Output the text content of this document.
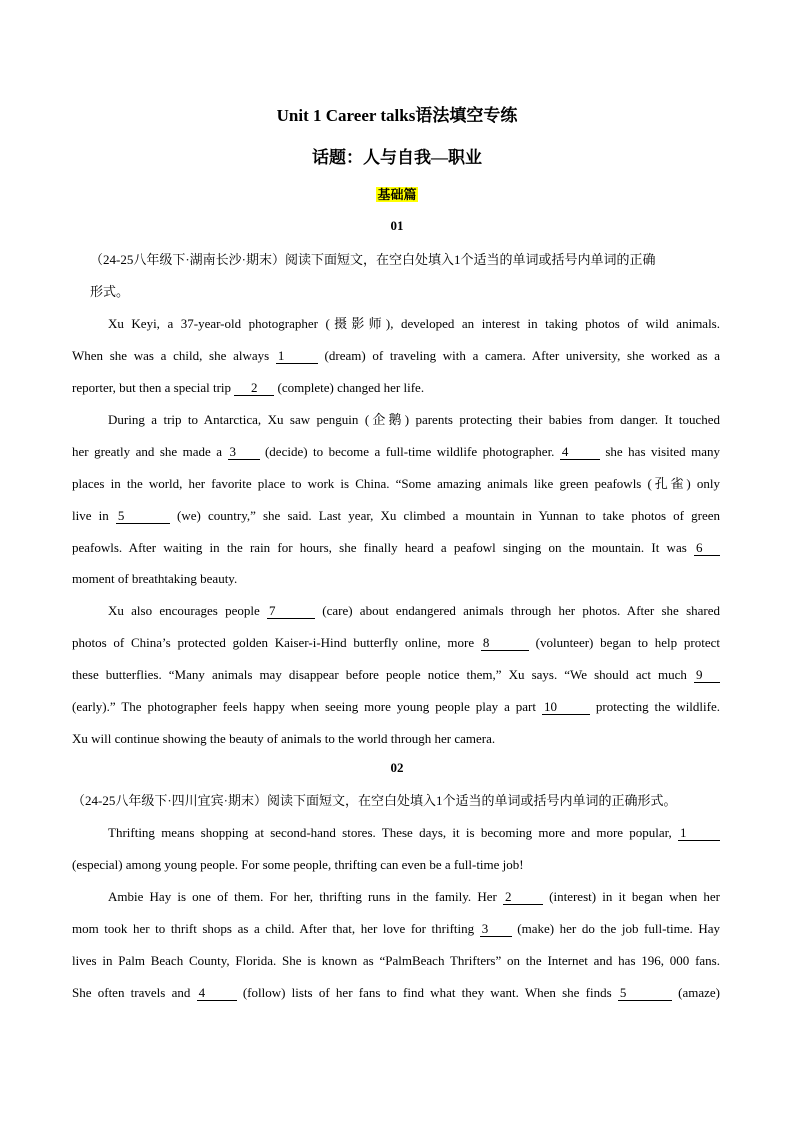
Unit 1 Career talks语法填空专练
话题：人与自我—职业
基础篇
01
（24-25八年级下·湖南长沙·期末）阅读下面短文，在空白处填入1个适当的单词或括号内单词的正确
形式。
Xu Keyi, a 37-year-old photographer (摄影师), developed an interest in taking photos of wild animals.
When she was a child, she always 1	(dream) of traveling with a camera. After university, she worked as a
reporter, but then a special trip 2 (complete) changed her life.
During a trip to Antarctica, Xu saw penguin (企鹅) parents protecting their babies from danger. It touched
her greatly and she made a 3 (decide) to become a full-time wildlife photographer. 4 she has visited many
places in the world, her favorite place to work is China. “Some amazing animals like green peafowls (孔雀) only
live in 5	(we) country,” she said. Last year, Xu climbed a mountain in Yunnan to take photos of green
peafowls. After waiting in the rain for hours, she finally heard a peafowl singing on the mountain. It was 6
moment of breathtaking beauty.
Xu also encourages people 7	(care) about endangered animals through her photos. After she shared
photos of China’s protected golden Kaiser-i-Hind butterfly online, more 8	(volunteer) began to help protect
these butterflies. “Many animals may disappear before people notice them,” Xu says. “We should act much 9
(early).” The photographer feels happy when seeing more young people play a part 10	protecting the wildlife.
Xu will continue showing the beauty of animals to the world through her camera.
02
（24-25八年级下·四川宜宾·期末）阅读下面短文，在空白处填入1个适当的单词或括号内单词的正确形式。
Thrifting means shopping at second-hand stores. These days, it is becoming more and more popular, 1
(especial) among young people. For some people, thrifting can even be a full-time job!
Ambie Hay is one of them. For her, thrifting runs in the family. Her 2 (interest) in it began when her
mom took her to thrift shops as a child. After that, her love for thrifting 3 (make) her do the job full-time. Hay
lives in Palm Beach County, Florida. She is known as “PalmBeach Thrifters” on the Internet and has 196, 000 fans.
She often travels and 4 (follow) lists of her fans to find what they want. When she finds 5	(amaze)
